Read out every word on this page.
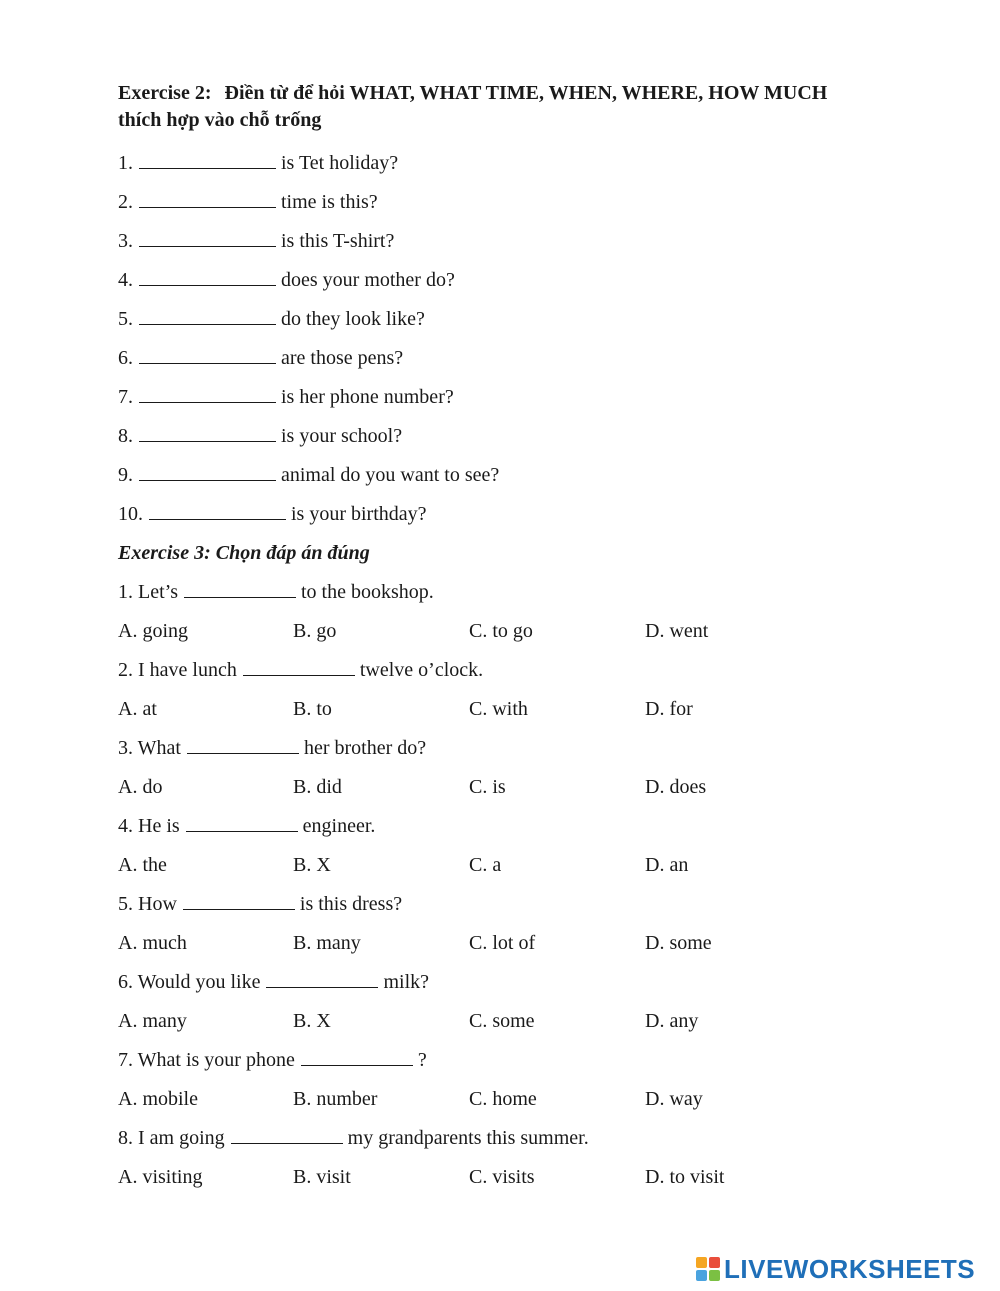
Exercise 2: Điền từ để hỏi WHAT, WHAT TIME, WHEN, WHERE, HOW MUCH
thích hợp vào chỗ trống
1.	is Tet holiday?
2.	time is this?
3.	is this T-shirt?
4.	does your mother do?
5.	do they look like?
6.	are those pens?
7.	is her phone number?
8.	is your school?
9.	animal do you want to see?
10.	is your birthday?
Exercise 3: Chọn đáp án đúng
1. Let’s	to the bookshop.
A. going	B. go	C. to go	D. went
2. I have lunch	twelve o’clock.
A. at	B. to	C. with	D. for
3. What	her brother do?
A. do	B. did	C. is	D. does
4. He is	engineer.
A. the	B. X	C. a	D. an
5. How	is this dress?
A. much	B. many	C. lot of	D. some
6. Would you like	milk?
A. many	B. X	C. some	D. any
7. What is your phone	?
A. mobile	B. number	C. home	D. way
8. I am going	my grandparents this summer.
A. visiting	B. visit	C. visits	D. to visit
LIVEWORKSHEETS
